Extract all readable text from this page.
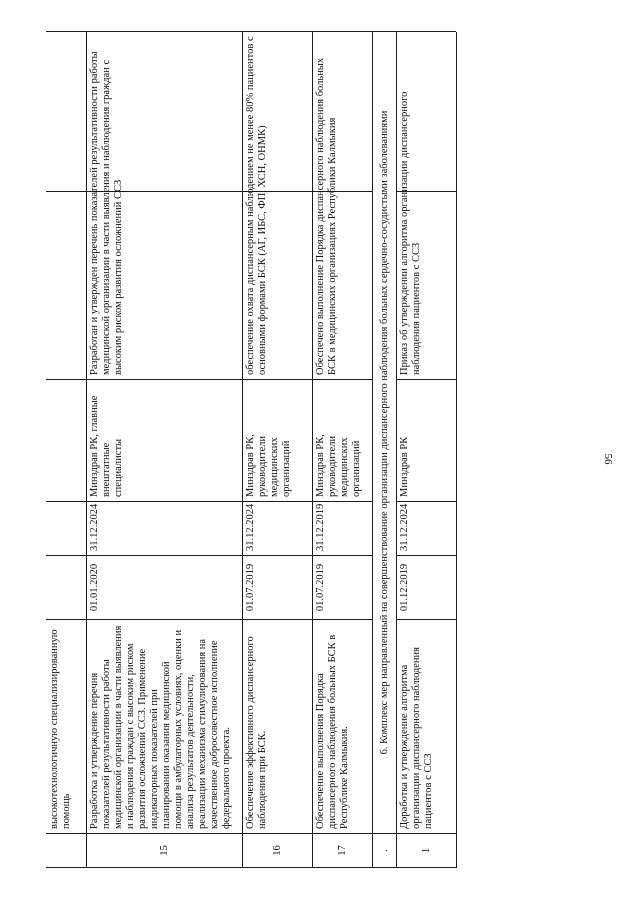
высокотехнологичную специализированную помощь
15
Разработка и утверждение перечня показателей результативности работы медицинской организации в части выявления и наблюдения граждан с высоким риском развития осложнений ССЗ. Применение индикаторных показателей при планировании оказания медицинской помощи в амбулаторных условиях, оценки и анализа результатов деятельности, реализации механизма стимулирования на качественное добросовестное исполнение федерального проекта.
01.01.2020
31.12.2024
Минздрав РК, главные внештатные специалисты
Разработан и утвержден перечень показателей результативности работы медицинской организации в части выявления и наблюдения граждан с высоким риском развития осложнений ССЗ
16
Обеспечение эффективного диспансерного наблюдения при БСК.
01.07.2019
31.12.2024
Минздрав РК, руководители медицинских организаций
обеспечение охвата диспансерным наблюдением не менее 80% пациентов с основными формами БСК (АГ, ИБС, ФП, ХСН, ОНМК)
17
Обеспечение выполнения Порядка диспансерного наблюдения больных БСК в Республике Калмыкия.
01.07.2019
31.12.2019
Минздрав РК, руководители медицинских организаций
Обеспечено выполнение Порядка диспансерного наблюдения больных БСК в медицинских организациях Республики Калмыкия
.
6. Комплекс мер направленный на совершенствование организации диспансерного наблюдения больных сердечно-сосудистыми заболеваниями
1
Доработка и утверждение алгоритма организации диспансерного наблюдения пациентов с ССЗ
01.12.2019
31.12.2024
Минздрав РК
Приказ об утверждении алгоритма организации диспансерного наблюдения пациентов с ССЗ
56
